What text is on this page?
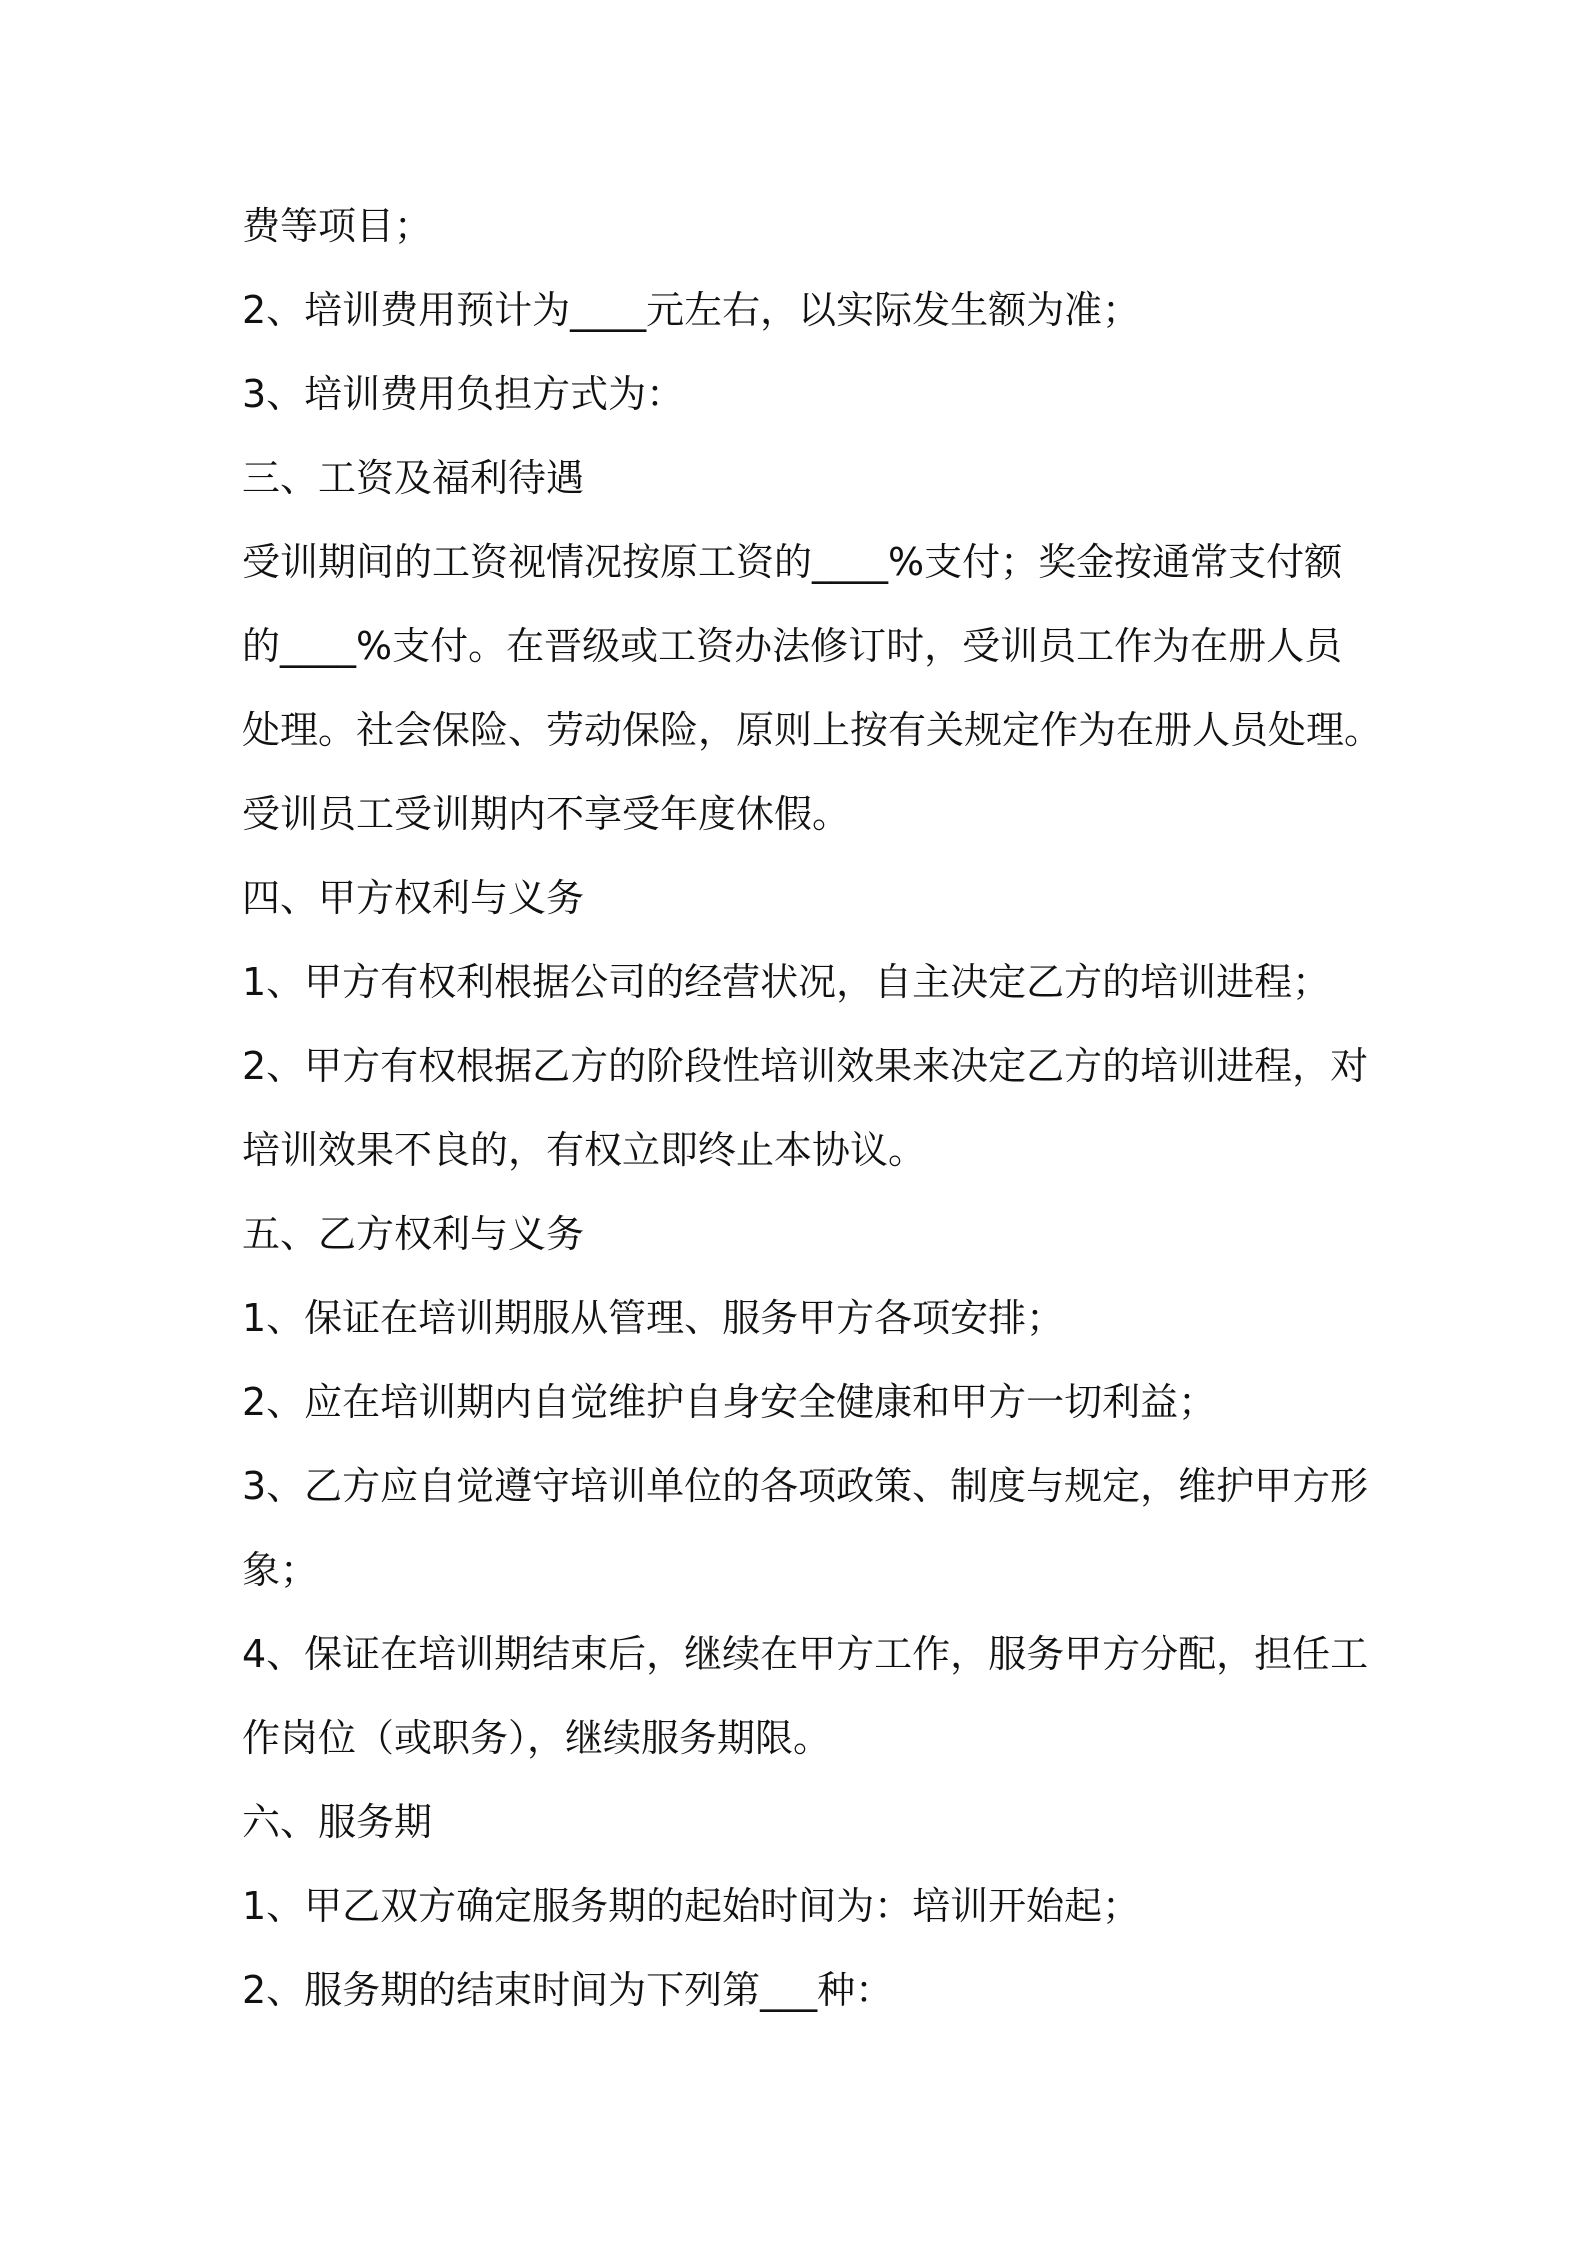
费等项目；
2、培训费用预计为____元左右，以实际发生额为准；
3、培训费用负担方式为：
三、工资及福利待遇
受训期间的工资视情况按原工资的____%支付；奖金按通常支付额
的____%支付。在晋级或工资办法修订时，受训员工作为在册人员
处理。社会保险、劳动保险，原则上按有关规定作为在册人员处理。
受训员工受训期内不享受年度休假。
四、甲方权利与义务
1、甲方有权利根据公司的经营状况，自主决定乙方的培训进程；
2、甲方有权根据乙方的阶段性培训效果来决定乙方的培训进程，对
培训效果不良的，有权立即终止本协议。
五、乙方权利与义务
1、保证在培训期服从管理、服务甲方各项安排；
2、应在培训期内自觉维护自身安全健康和甲方一切利益；
3、乙方应自觉遵守培训单位的各项政策、制度与规定，维护甲方形
象；
4、保证在培训期结束后，继续在甲方工作，服务甲方分配，担任工
作岗位（或职务），继续服务期限。
六、服务期
1、甲乙双方确定服务期的起始时间为：培训开始起；
2、服务期的结束时间为下列第___种：
